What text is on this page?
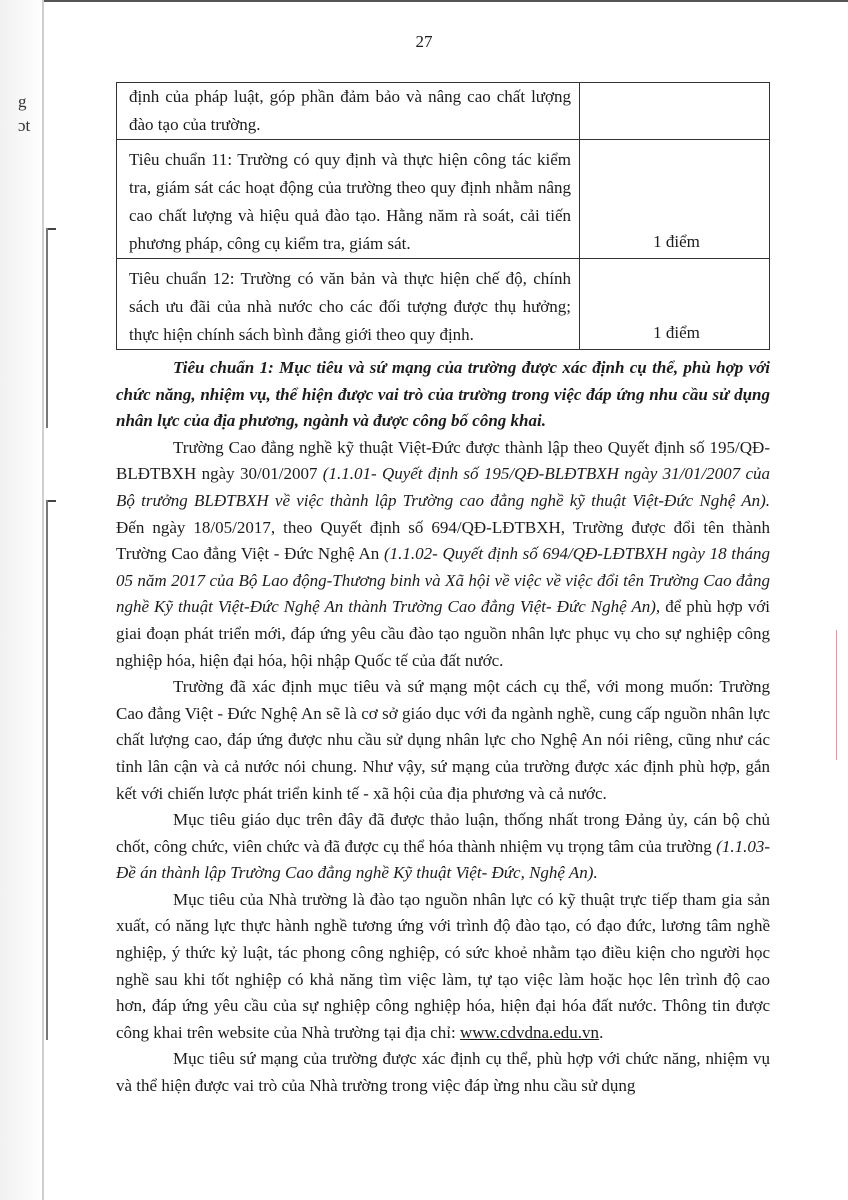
g
ɔt
27
định của pháp luật, góp phần đảm bảo và nâng cao chất lượng đào tạo của trường.	
Tiêu chuẩn 11: Trường có quy định và thực hiện công tác kiểm tra, giám sát các hoạt động của trường theo quy định nhằm nâng cao chất lượng và hiệu quả đào tạo. Hằng năm rà soát, cải tiến phương pháp, công cụ kiểm tra, giám sát.	1 điểm
Tiêu chuẩn 12: Trường có văn bản và thực hiện chế độ, chính sách ưu đãi của nhà nước cho các đối tượng được thụ hưởng; thực hiện chính sách bình đẳng giới theo quy định.	1 điểm

Tiêu chuẩn 1: Mục tiêu và sứ mạng của trường được xác định cụ thể, phù hợp với chức năng, nhiệm vụ, thể hiện được vai trò của trường trong việc đáp ứng nhu cầu sử dụng nhân lực của địa phương, ngành và được công bố công khai.

Trường Cao đẳng nghề kỹ thuật Việt-Đức được thành lập theo Quyết định số 195/QĐ-BLĐTBXH ngày 30/01/2007 (1.1.01- Quyết định số 195/QĐ-BLĐTBXH ngày 31/01/2007 của Bộ trưởng BLĐTBXH về việc thành lập Trường cao đẳng nghề kỹ thuật Việt-Đức Nghệ An). Đến ngày 18/05/2017, theo Quyết định số 694/QĐ-LĐTBXH, Trường được đổi tên thành Trường Cao đẳng Việt - Đức Nghệ An (1.1.02- Quyết định số 694/QĐ-LĐTBXH ngày 18 tháng 05 năm 2017 của Bộ Lao động-Thương binh và Xã hội về việc về việc đổi tên Trường Cao đẳng nghề Kỹ thuật Việt-Đức Nghệ An thành Trường Cao đẳng Việt- Đức Nghệ An), để phù hợp với giai đoạn phát triển mới, đáp ứng yêu cầu đào tạo nguồn nhân lực phục vụ cho sự nghiệp công nghiệp hóa, hiện đại hóa, hội nhập Quốc tế của đất nước.

Trường đã xác định mục tiêu và sứ mạng một cách cụ thể, với mong muốn: Trường Cao đẳng Việt - Đức Nghệ An sẽ là cơ sở giáo dục với đa ngành nghề, cung cấp nguồn nhân lực chất lượng cao, đáp ứng được nhu cầu sử dụng nhân lực cho Nghệ An nói riêng, cũng như các tỉnh lân cận và cả nước nói chung. Như vậy, sứ mạng của trường được xác định phù hợp, gắn kết với chiến lược phát triển kinh tế - xã hội của địa phương và cả nước.

Mục tiêu giáo dục trên đây đã được thảo luận, thống nhất trong Đảng ủy, cán bộ chủ chốt, công chức, viên chức và đã được cụ thể hóa thành nhiệm vụ trọng tâm của trường (1.1.03- Đề án thành lập Trường Cao đẳng nghề Kỹ thuật Việt- Đức, Nghệ An).

Mục tiêu của Nhà trường là đào tạo nguồn nhân lực có kỹ thuật trực tiếp tham gia sản xuất, có năng lực thực hành nghề tương ứng với trình độ đào tạo, có đạo đức, lương tâm nghề nghiệp, ý thức kỷ luật, tác phong công nghiệp, có sức khoẻ nhằm tạo điều kiện cho người học nghề sau khi tốt nghiệp có khả năng tìm việc làm, tự tạo việc làm hoặc học lên trình độ cao hơn, đáp ứng yêu cầu của sự nghiệp công nghiệp hóa, hiện đại hóa đất nước. Thông tin được công khai trên website của Nhà trường tại địa chỉ: www.cdvdna.edu.vn.

Mục tiêu sứ mạng của trường được xác định cụ thể, phù hợp với chức năng, nhiệm vụ và thể hiện được vai trò của Nhà trường trong việc đáp ừng nhu cầu sử dụng
